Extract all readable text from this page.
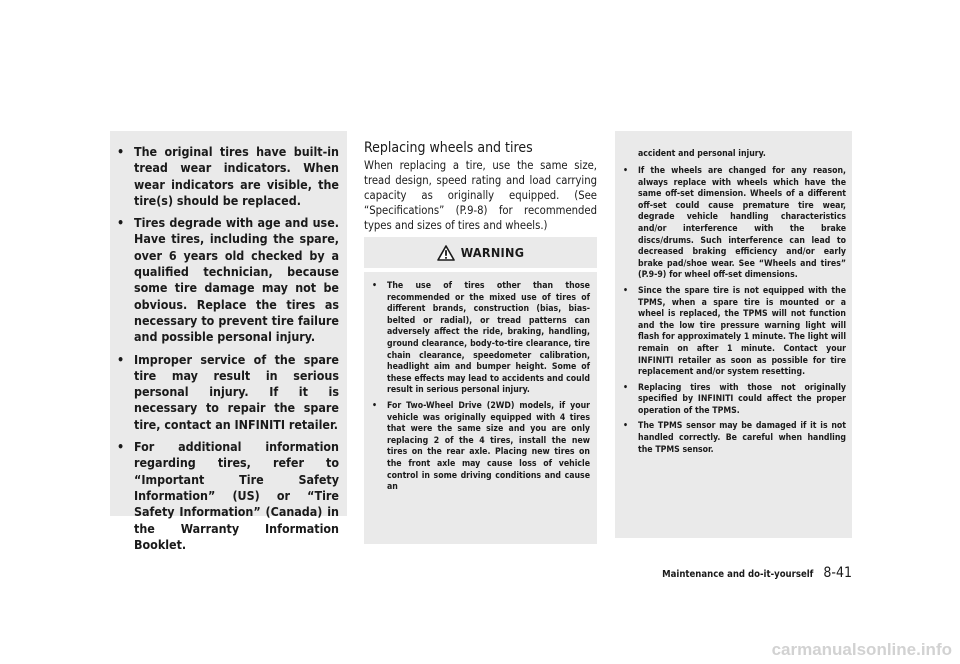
• The original tires have built-in tread wear indicators. When wear indicators are visible, the tire(s) should be replaced.
• Tires degrade with age and use. Have tires, including the spare, over 6 years old checked by a qualified technician, because some tire damage may not be obvious. Replace the tires as necessary to prevent tire failure and possible personal injury.
• Improper service of the spare tire may result in serious personal injury. If it is necessary to repair the spare tire, contact an INFINITI retailer.
• For additional information regarding tires, refer to “Important Tire Safety Information” (US) or “Tire Safety Information” (Canada) in the Warranty Information Booklet.
Replacing wheels and tires

When replacing a tire, use the same size, tread design, speed rating and load carrying capacity as originally equipped. (See “Specifications” (P.9-8) for recommended types and sizes of tires and wheels.)

WARNING
• The use of tires other than those recommended or the mixed use of tires of different brands, construction (bias, bias-belted or radial), or tread patterns can adversely affect the ride, braking, handling, ground clearance, body-to-tire clearance, tire chain clearance, speedometer calibration, headlight aim and bumper height. Some of these effects may lead to accidents and could result in serious personal injury.
• For Two-Wheel Drive (2WD) models, if your vehicle was originally equipped with 4 tires that were the same size and you are only replacing 2 of the 4 tires, install the new tires on the rear axle. Placing new tires on the front axle may cause loss of vehicle control in some driving conditions and cause an

accident and personal injury.

• If the wheels are changed for any reason, always replace with wheels which have the same off-set dimension. Wheels of a different off-set could cause premature tire wear, degrade vehicle handling characteristics and/or interference with the brake discs/drums. Such interference can lead to decreased braking efficiency and/or early brake pad/shoe wear. See “Wheels and tires” (P.9-9) for wheel off-set dimensions.
• Since the spare tire is not equipped with the TPMS, when a spare tire is mounted or a wheel is replaced, the TPMS will not function and the low tire pressure warning light will flash for approximately 1 minute. The light will remain on after 1 minute. Contact your INFINITI retailer as soon as possible for tire replacement and/or system resetting.
• Replacing tires with those not originally specified by INFINITI could affect the proper operation of the TPMS.
• The TPMS sensor may be damaged if it is not handled correctly. Be careful when handling the TPMS sensor.
Maintenance and do-it-yourself 8-41
carmanualsonline.info
